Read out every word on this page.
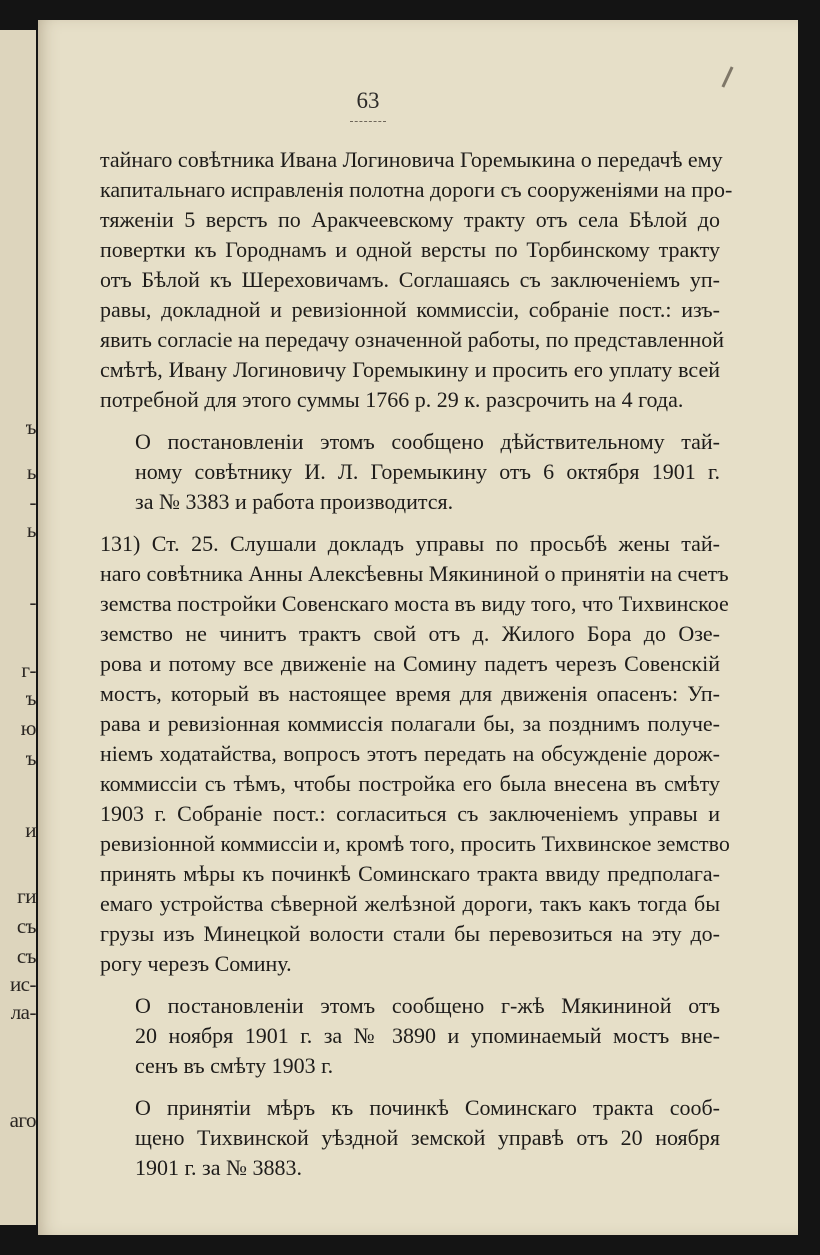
ъ
ь
-
ь
-
г-
ъ
ю
ъ
и
ги
съ
съ
ис-
ла-
аго
63

тайнаго совѣтника Ивана Логиновича Горемыкина о передачѣ ему

капитальнаго исправленія полотна дороги съ сооруженіями на про-

тяженіи 5 верстъ по Аракчеевскому тракту отъ села Бѣлой до

повертки къ Городнамъ и одной версты по Торбинскому тракту

отъ Бѣлой къ Шереховичамъ. Соглашаясь съ заключеніемъ уп-

равы, докладной и ревизіонной коммиссіи, собраніе пост.: изъ-

явить согласіе на передачу означенной работы, по представленной

смѣтѣ, Ивану Логиновичу Горемыкину и просить его уплату всей

потребной для этого суммы 1766 р. 29 к. разсрочить на 4 года.

О постановленіи этомъ сообщено дѣйствительному тай-

ному совѣтнику И. Л. Горемыкину отъ 6 октября 1901 г.

за № 3383 и работа производится.

131) Ст. 25. Слушали докладъ управы по просьбѣ жены тай-

наго совѣтника Анны Алексѣевны Мякининой о принятіи на счетъ

земства постройки Совенскаго моста въ виду того, что Тихвинское

земство не чинитъ трактъ свой отъ д. Жилого Бора до Озе-

рова и потому все движеніе на Сомину падетъ черезъ Совенскій

мостъ, который въ настоящее время для движенія опасенъ: Уп-

рава и ревизіонная коммиссія полагали бы, за позднимъ получе-

ніемъ ходатайства, вопросъ этотъ передать на обсужденіе дорож-

коммиссіи съ тѣмъ, чтобы постройка его была внесена въ смѣту

1903 г. Собраніе пост.: согласиться съ заключеніемъ управы и

ревизіонной коммиссіи и, кромѣ того, просить Тихвинское земство

принять мѣры къ починкѣ Соминскаго тракта ввиду предполага-

емаго устройства сѣверной желѣзной дороги, такъ какъ тогда бы

грузы изъ Минецкой волости стали бы перевозиться на эту до-

рогу черезъ Сомину.

О постановленіи этомъ сообщено г-жѣ Мякининой отъ

20 ноября 1901 г. за № 3890 и упоминаемый мостъ вне-

сенъ въ смѣту 1903 г.

О принятіи мѣръ къ починкѣ Соминскаго тракта сооб-

щено Тихвинской уѣздной земской управѣ отъ 20 ноября

1901 г. за № 3883.
